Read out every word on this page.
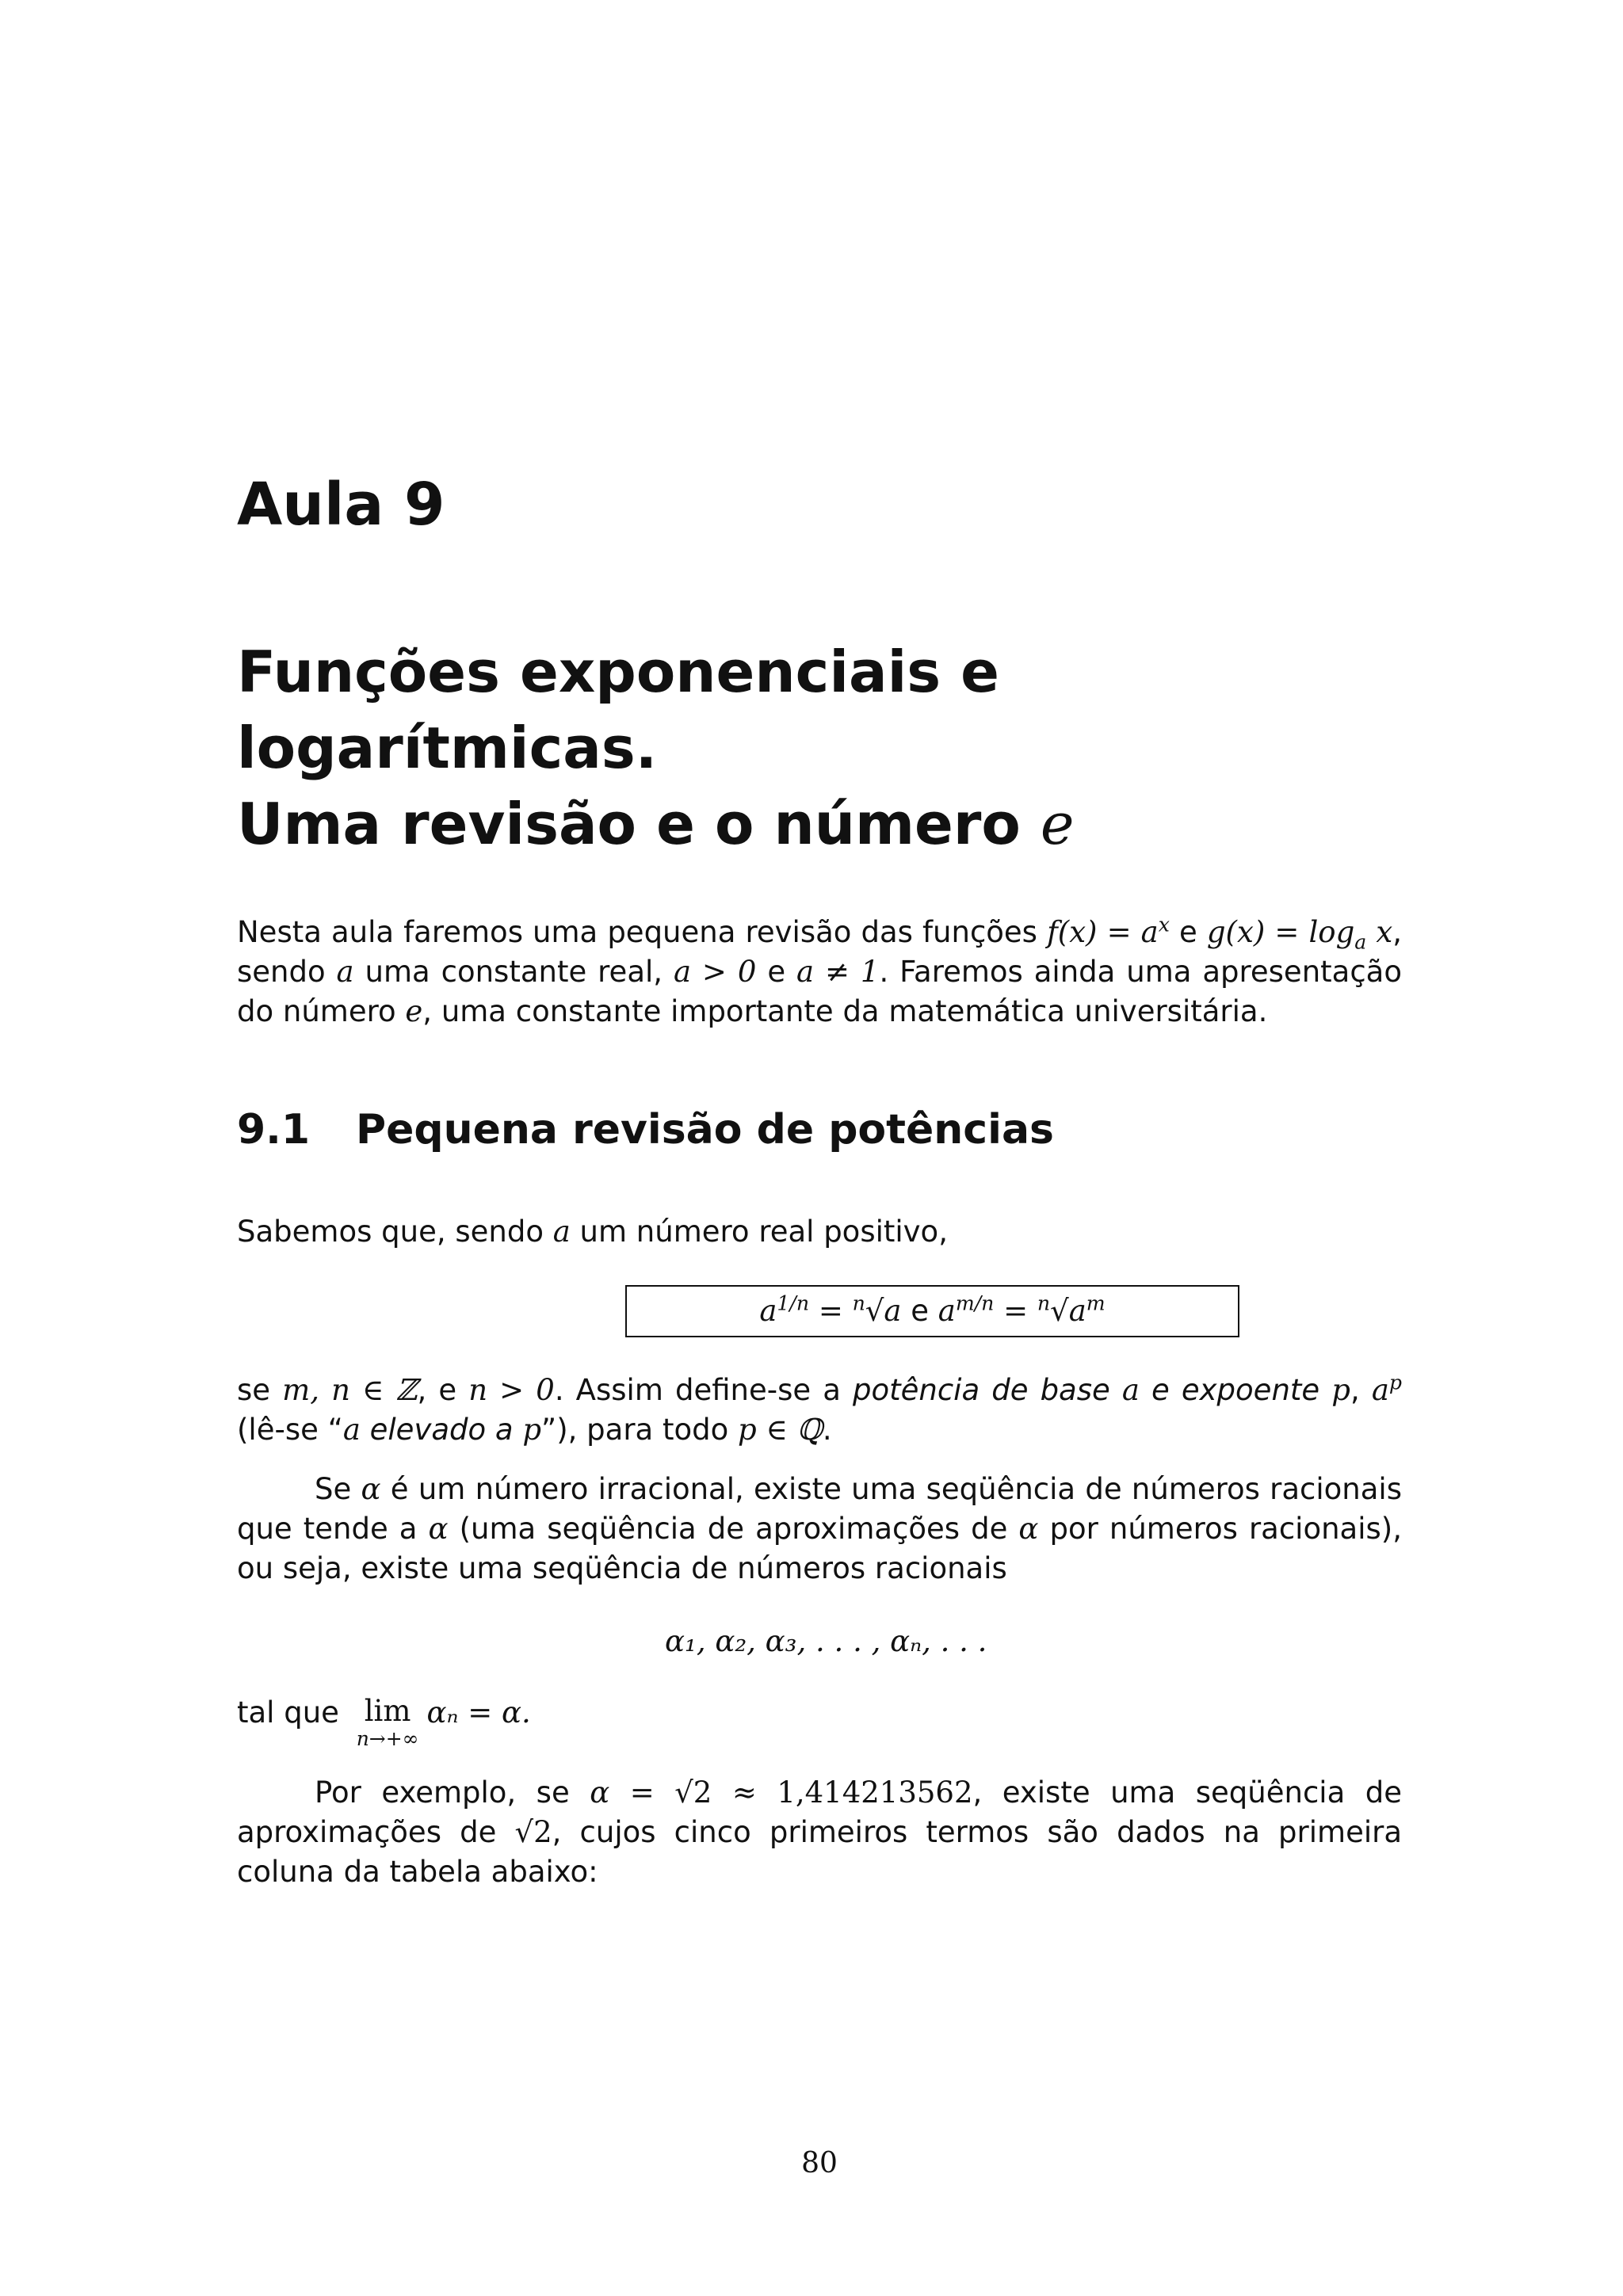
Aula 9
Funções exponenciais e logarítmicas.
Uma revisão e o número e

Nesta aula faremos uma pequena revisão das funções $f(x) = a^x$ e $g(x) = \log_a x$, sendo a uma constante real, a > 0 e a ≠ 1. Faremos ainda uma apresentação do número e, uma constante importante da matemática universitária.

9.1 Pequena revisão de potências

Sabemos que, sendo a um número real positivo,

$a^{1/n} = ^n√a$ e $a^{m/n} = ^n√a^m$

se m, n ∈ ℤ, e n > 0. Assim define-se a potência de base a e expoente p, $a^p$ (lê-se “a elevado a p”), para todo p ∈ ℚ.

Se α é um número irracional, existe uma seqüência de números racionais que tende a α (uma seqüência de aproximações de α por números racionais), ou seja, existe uma seqüência de números racionais

α₁, α₂, α₃, . . . , αₙ, . . .
tal que lim
n→+∞
αₙ = α.

Por exemplo, se α = √2 ≈ 1,414213562, existe uma seqüência de aproximações de √2, cujos cinco primeiros termos são dados na primeira coluna da tabela abaixo:

80
